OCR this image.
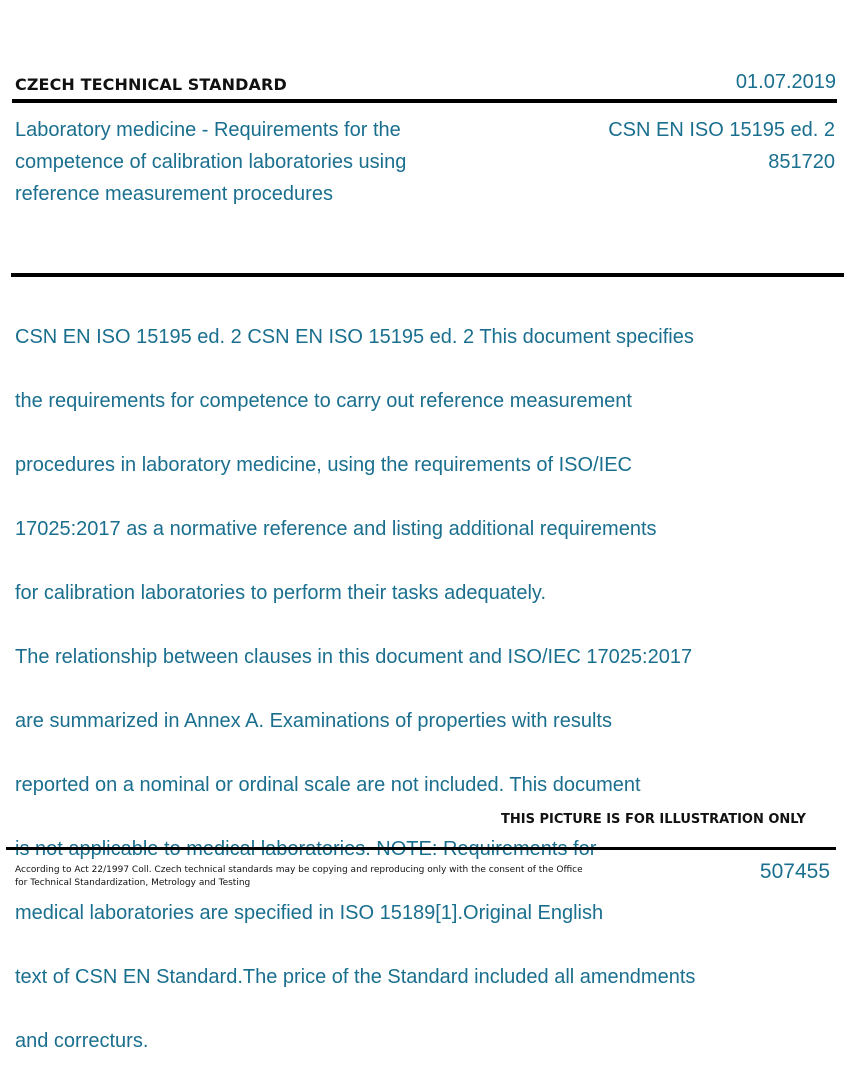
CZECH TECHNICAL STANDARD	01.07.2019
Laboratory medicine - Requirements for the competence of calibration laboratories using reference measurement procedures
CSN EN ISO 15195 ed. 2
851720

CSN EN ISO 15195 ed. 2 CSN EN ISO 15195 ed. 2 This document specifies

the requirements for competence to carry out reference measurement

procedures in laboratory medicine, using the requirements of ISO/IEC

17025:2017 as a normative reference and listing additional requirements

for calibration laboratories to perform their tasks adequately.

The relationship between clauses in this document and ISO/IEC 17025:2017

are summarized in Annex A. Examinations of properties with results

reported on a nominal or ordinal scale are not included. This document

medical laboratories are specified in ISO 15189[1].Original English

text of CSN EN Standard.The price of the Standard included all amendments

and correcturs.

THIS PICTURE IS FOR ILLUSTRATION ONLY
According to Act 22/1997 Coll. Czech technical standards may be copying and reproducing only with the consent of the Office
for Technical Standardization, Metrology and Testing	507455
